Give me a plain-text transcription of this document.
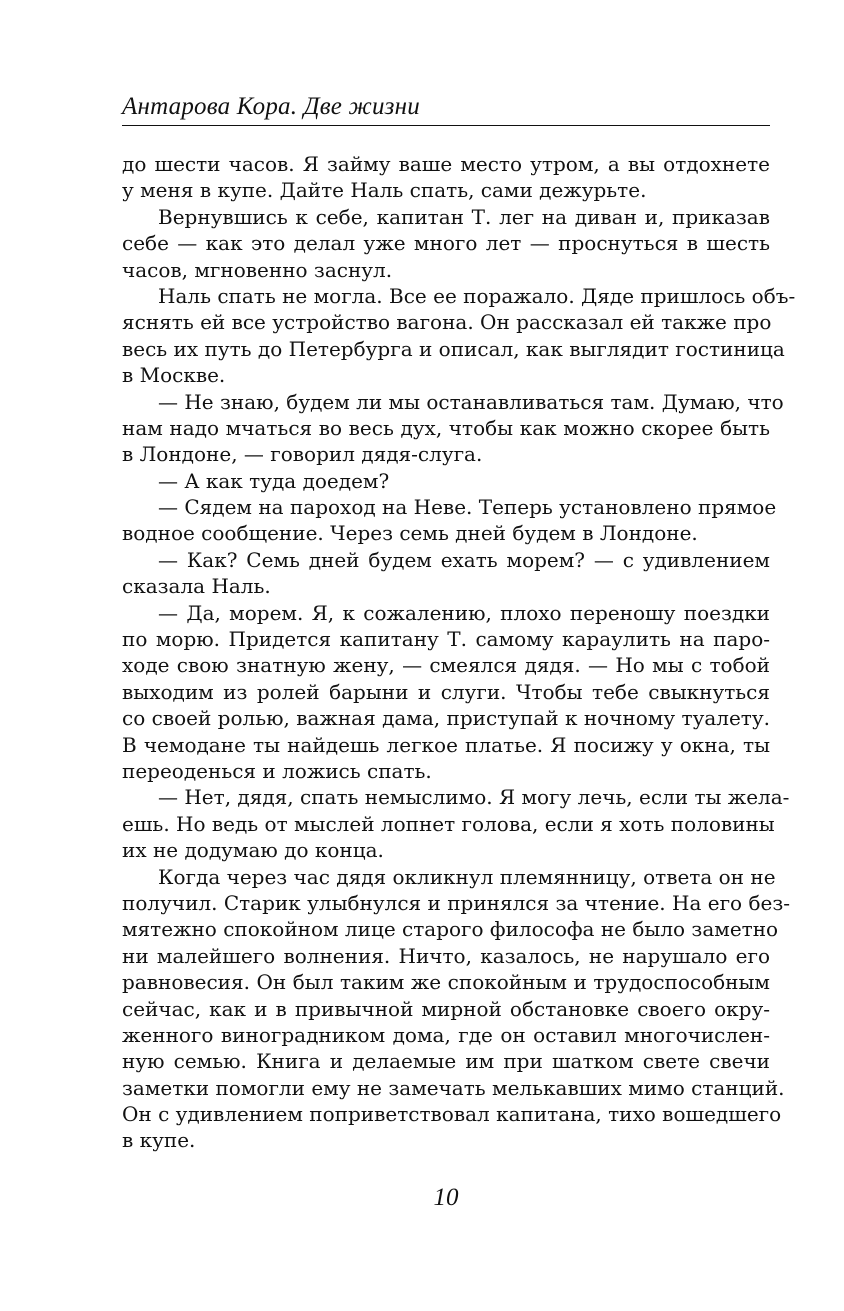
Антарова Кора. Две жизни
до шести часов. Я займу ваше место утром, а вы отдохнете
у меня в купе. Дайте Наль спать, сами дежурьте.
Вернувшись к себе, капитан Т. лег на диван и, приказав
себе — как это делал уже много лет — проснуться в шесть
часов, мгновенно заснул.
Наль спать не могла. Все ее поражало. Дяде пришлось объ-
яснять ей все устройство вагона. Он рассказал ей также про
весь их путь до Петербурга и описал, как выглядит гостиница
в Москве.
— Не знаю, будем ли мы останавливаться там. Думаю, что
нам надо мчаться во весь дух, чтобы как можно скорее быть
в Лондоне, — говорил дядя-слуга.
— А как туда доедем?
— Сядем на пароход на Неве. Теперь установлено прямое
водное сообщение. Через семь дней будем в Лондоне.
— Как? Семь дней будем ехать морем? — с удивлением
сказала Наль.
— Да, морем. Я, к сожалению, плохо переношу поездки
по морю. Придется капитану Т. самому караулить на паро-
ходе свою знатную жену, — смеялся дядя. — Но мы с тобой
выходим из ролей барыни и слуги. Чтобы тебе свыкнуться
со своей ролью, важная дама, приступай к ночному туалету.
В чемодане ты найдешь легкое платье. Я посижу у окна, ты
переоденься и ложись спать.
— Нет, дядя, спать немыслимо. Я могу лечь, если ты жела-
ешь. Но ведь от мыслей лопнет голова, если я хоть половины
их не додумаю до конца.
Когда через час дядя окликнул племянницу, ответа он не
получил. Старик улыбнулся и принялся за чтение. На его без-
мятежно спокойном лице старого философа не было заметно
ни малейшего волнения. Ничто, казалось, не нарушало его
равновесия. Он был таким же спокойным и трудоспособным
сейчас, как и в привычной мирной обстановке своего окру-
женного виноградником дома, где он оставил многочислен-
ную семью. Книга и делаемые им при шатком свете свечи
заметки помогли ему не замечать мелькавших мимо станций.
Он с удивлением поприветствовал капитана, тихо вошедшего
в купе.
10
